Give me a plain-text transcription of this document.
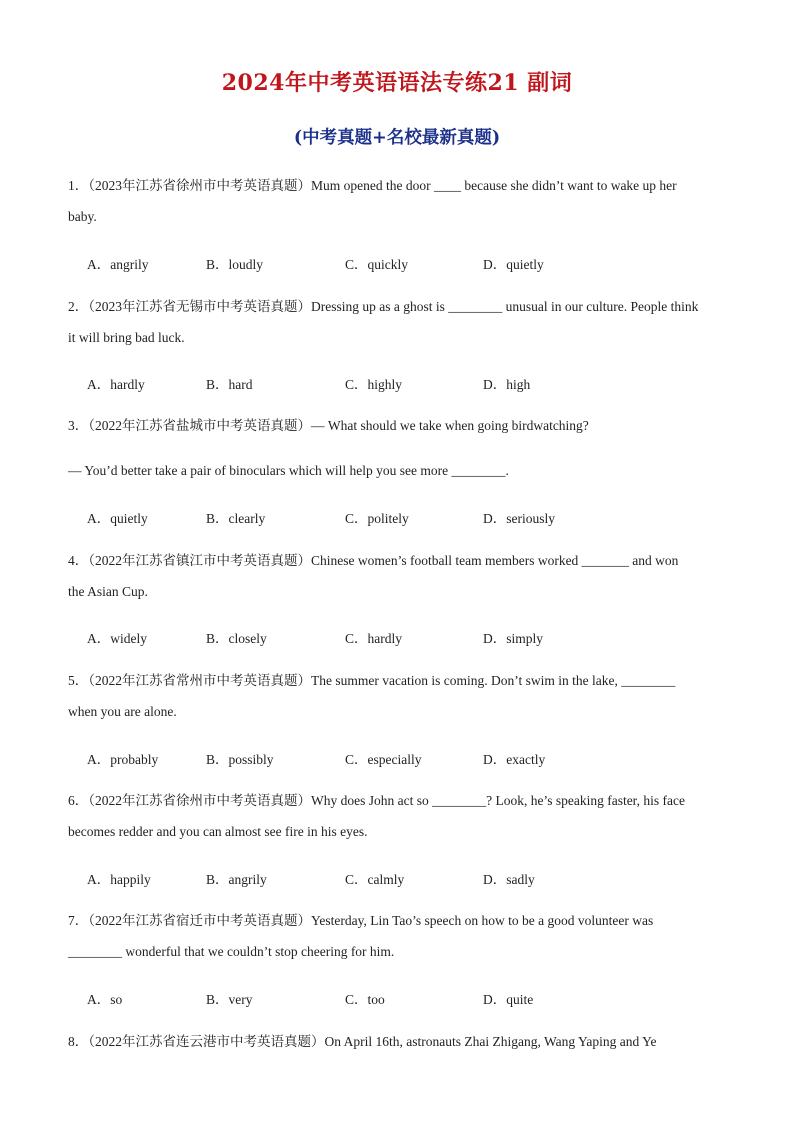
2024年中考英语语法专练21 副词
(中考真题+名校最新真题)
1．（2023年江苏省徐州市中考英语真题）Mum opened the door ____ because she didn’t want to wake up her
baby.
A．angrily	B．loudly	C．quickly	D．quietly
2．（2023年江苏省无锡市中考英语真题）Dressing up as a ghost is ________ unusual in our culture. People think
it will bring bad luck.
A．hardly	B．hard	C．highly	D．high
3．（2022年江苏省盐城市中考英语真题）— What should we take when going birdwatching?
— You’d better take a pair of binoculars which will help you see more ________.
A．quietly	B．clearly	C．politely	D．seriously
4．（2022年江苏省镇江市中考英语真题）Chinese women’s football team members worked _______ and won
the Asian Cup.
A．widely	B．closely	C．hardly	D．simply
5．（2022年江苏省常州市中考英语真题）The summer vacation is coming. Don’t swim in the lake, ________
when you are alone.
A．probably	B．possibly	C．especially	D．exactly
6．（2022年江苏省徐州市中考英语真题）Why does John act so ________? Look, he’s speaking faster, his face
becomes redder and you can almost see fire in his eyes.
A．happily	B．angrily	C．calmly	D．sadly
7．（2022年江苏省宿迁市中考英语真题）Yesterday, Lin Tao’s speech on how to be a good volunteer was
________ wonderful that we couldn’t stop cheering for him.
A．so	B．very	C．too	D．quite
8．（2022年江苏省连云港市中考英语真题）On April 16th, astronauts Zhai Zhigang, Wang Yaping and Ye
